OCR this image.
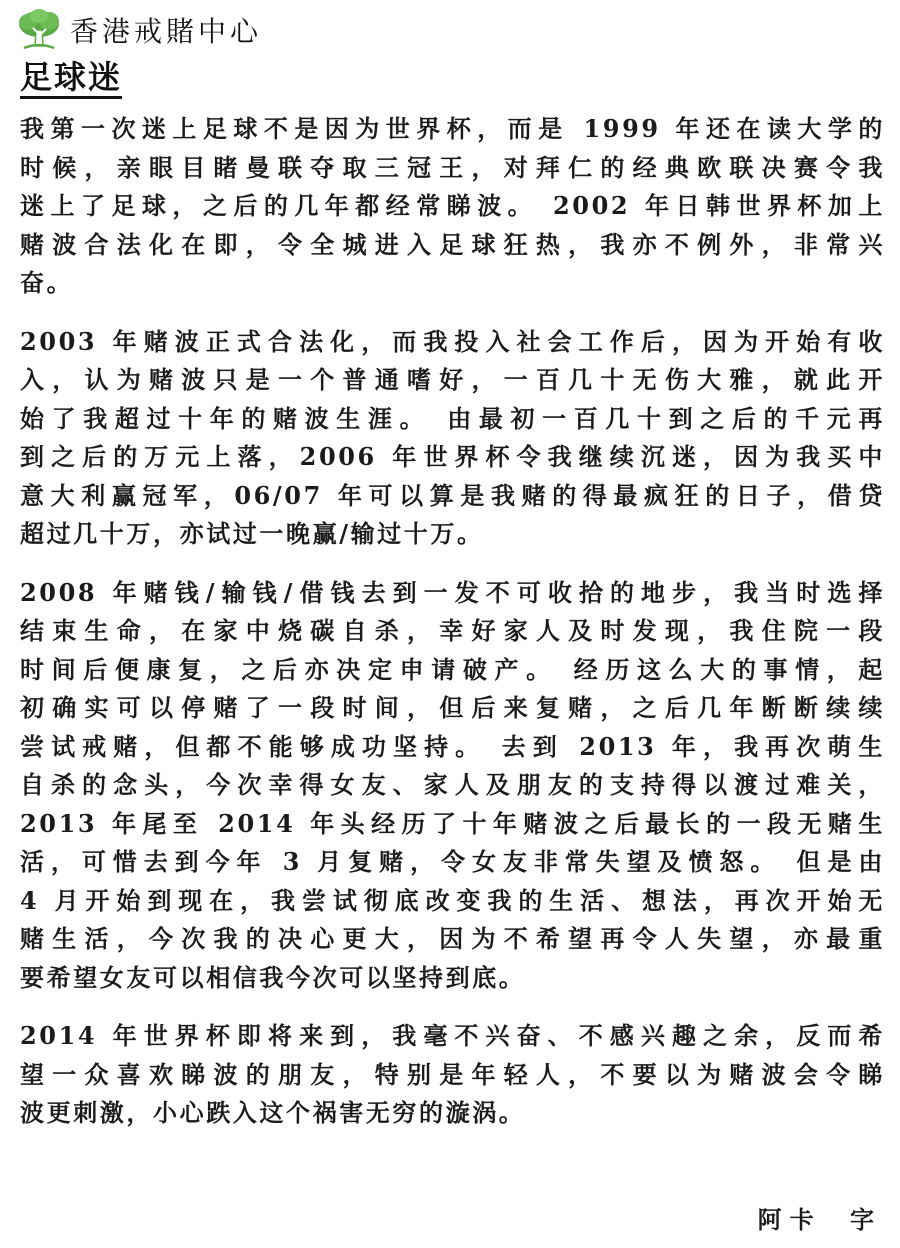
香港戒賭中心
足球迷
我第一次迷上足球不是因为世界杯，而是 1999 年还在读大学的
时候，亲眼目睹曼联夺取三冠王，对拜仁的经典欧联决赛令我
迷上了足球，之后的几年都经常睇波。 2002 年日韩世界杯加上
赌波合法化在即，令全城进入足球狂热，我亦不例外，非常兴
奋。
2003 年赌波正式合法化，而我投入社会工作后，因为开始有收
入，认为赌波只是一个普通嗜好，一百几十无伤大雅，就此开
始了我超过十年的赌波生涯。 由最初一百几十到之后的千元再
到之后的万元上落，2006 年世界杯令我继续沉迷，因为我买中
意大利赢冠军，06/07 年可以算是我赌的得最疯狂的日子，借贷
超过几十万，亦试过一晚赢/输过十万。
2008 年赌钱/输钱/借钱去到一发不可收拾的地步，我当时选择
结束生命，在家中烧碳自杀，幸好家人及时发现，我住院一段
时间后便康复，之后亦决定申请破产。 经历这么大的事情，起
初确实可以停赌了一段时间，但后来复赌，之后几年断断续续
尝试戒赌，但都不能够成功坚持。 去到 2013 年，我再次萌生
自杀的念头，今次幸得女友、家人及朋友的支持得以渡过难关，
2013 年尾至 2014 年头经历了十年赌波之后最长的一段无赌生
活，可惜去到今年 3 月复赌，令女友非常失望及愤怒。 但是由
4 月开始到现在，我尝试彻底改变我的生活、想法，再次开始无
赌生活，今次我的决心更大，因为不希望再令人失望，亦最重
要希望女友可以相信我今次可以坚持到底。
2014 年世界杯即将来到，我毫不兴奋、不感兴趣之余，反而希
望一众喜欢睇波的朋友，特别是年轻人，不要以为赌波会令睇
波更刺激，小心跌入这个祸害无穷的漩涡。
阿卡 字
